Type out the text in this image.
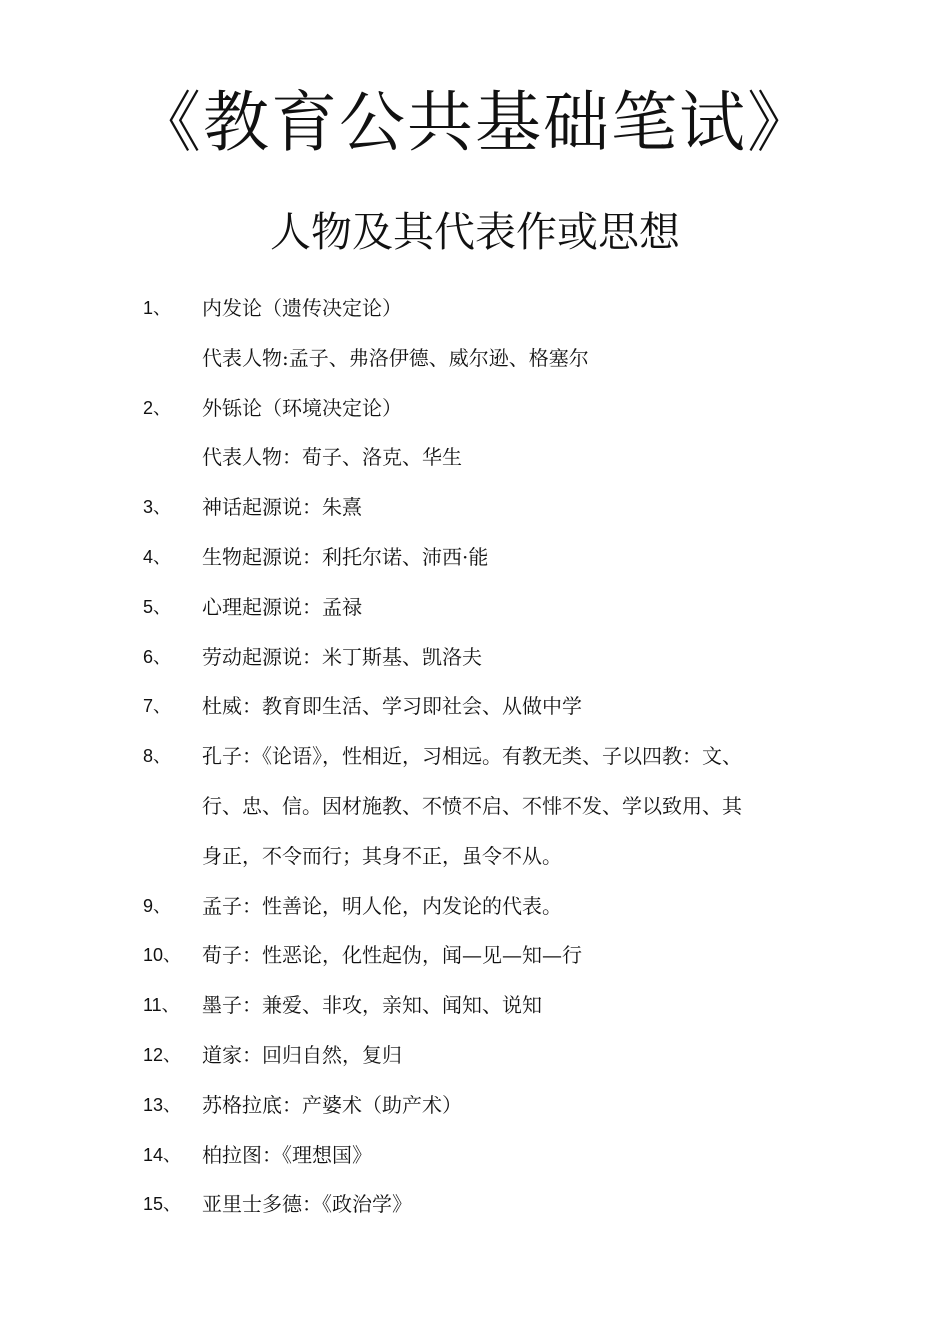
《教育公共基础笔试》
人物及其代表作或思想
1、	内发论（遗传决定论）
代表人物:孟子、弗洛伊德、威尔逊、格塞尔
2、	外铄论（环境决定论）
代表人物：荀子、洛克、华生
3、	神话起源说：朱熹
4、	生物起源说：利托尔诺、沛西·能
5、	心理起源说：孟禄
6、	劳动起源说：米丁斯基、凯洛夫
7、	杜威：教育即生活、学习即社会、从做中学
8、	孔子：《论语》，性相近，习相远。有教无类、子以四教：文、
行、忠、信。因材施教、不愤不启、不悱不发、学以致用、其
身正，不令而行；其身不正，虽令不从。
9、	孟子：性善论，明人伦，内发论的代表。
10、	荀子：性恶论，化性起伪，闻—见—知—行
11、	墨子：兼爱、非攻，亲知、闻知、说知
12、	道家：回归自然，复归
13、	苏格拉底：产婆术（助产术）
14、	柏拉图：《理想国》
15、	亚里士多德：《政治学》
